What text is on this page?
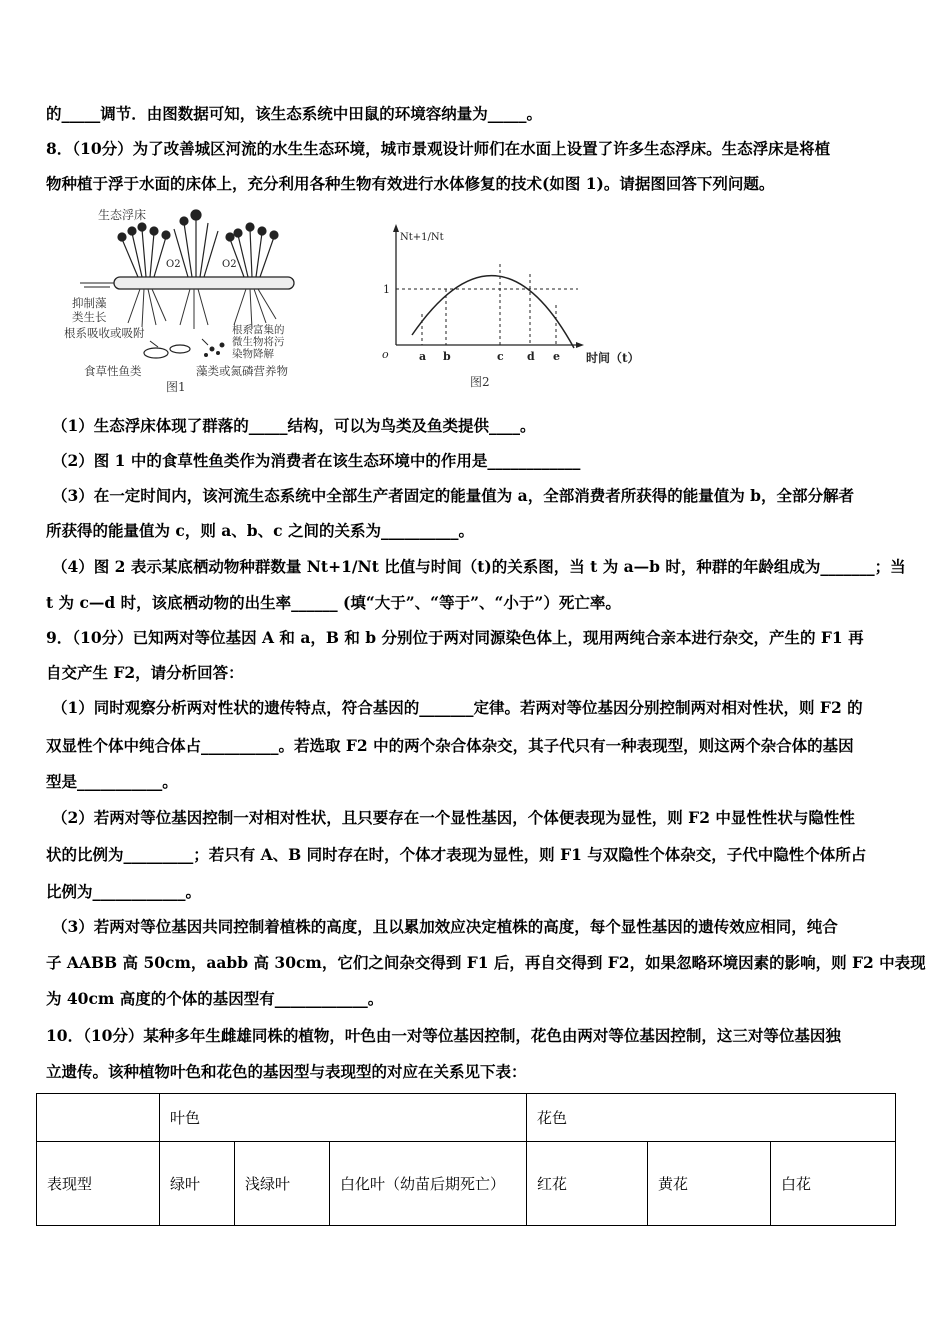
的_____调节．由图数据可知，该生态系统中田鼠的环境容纳量为_____。
8．（10分）为了改善城区河流的水生生态环境，城市景观设计师们在水面上设置了许多生态浮床。生态浮床是将植
物种植于浮于水面的床体上，充分利用各种生物有效进行水体修复的技术(如图 1)。请据图回答下列问题。
生态浮床
O2	O2
抑制藻
类生长
根系吸收或吸附	根系富集的
微生物将污
染物降解
食草性鱼类	藻类或氮磷营养物
图1
Nt+1/Nt
1
o	a b	c d e 时间（t）
图2
（1）生态浮床体现了群落的_____结构，可以为鸟类及鱼类提供____。
（2）图 1 中的食草性鱼类作为消费者在该生态环境中的作用是____________
（3）在一定时间内，该河流生态系统中全部生产者固定的能量值为 a，全部消费者所获得的能量值为 b，全部分解者
所获得的能量值为 c，则 a、b、c 之间的关系为__________。
（4）图 2 表示某底栖动物种群数量 Nt+1/Nt 比值与时间（t)的关系图，当 t 为 a—b 时，种群的年龄组成为_______；当
t 为 c—d 时，该底栖动物的出生率______ (填“大于”、“等于”、“小于”）死亡率。
9．（10分）已知两对等位基因 A 和 a，B 和 b 分别位于两对同源染色体上，现用两纯合亲本进行杂交，产生的 F1 再
自交产生 F2，请分析回答：
（1）同时观察分析两对性状的遗传特点，符合基因的_______定律。若两对等位基因分别控制两对相对性状，则 F2 的
双显性个体中纯合体占__________。若选取 F2 中的两个杂合体杂交，其子代只有一种表现型，则这两个杂合体的基因
型是___________。
（2）若两对等位基因控制一对相对性状，且只要存在一个显性基因，个体便表现为显性，则 F2 中显性性状与隐性性
状的比例为_________；若只有 A、B 同时存在时，个体才表现为显性，则 F1 与双隐性个体杂交，子代中隐性个体所占
比例为____________。
（3）若两对等位基因共同控制着植株的高度，且以累加效应决定植株的高度，每个显性基因的遗传效应相同，纯合
子 AABB 高 50cm，aabb 高 30cm，它们之间杂交得到 F1 后，再自交得到 F2，如果忽略环境因素的影响，则 F2 中表现
为 40cm 高度的个体的基因型有____________。
10．（10分）某种多年生雌雄同株的植物，叶色由一对等位基因控制，花色由两对等位基因控制，这三对等位基因独
立遗传。该种植物叶色和花色的基因型与表现型的对应在关系见下表：
	叶色			花色		
表现型	绿叶	浅绿叶	白化叶（幼苗后期死亡）	红花	黄花	白花
